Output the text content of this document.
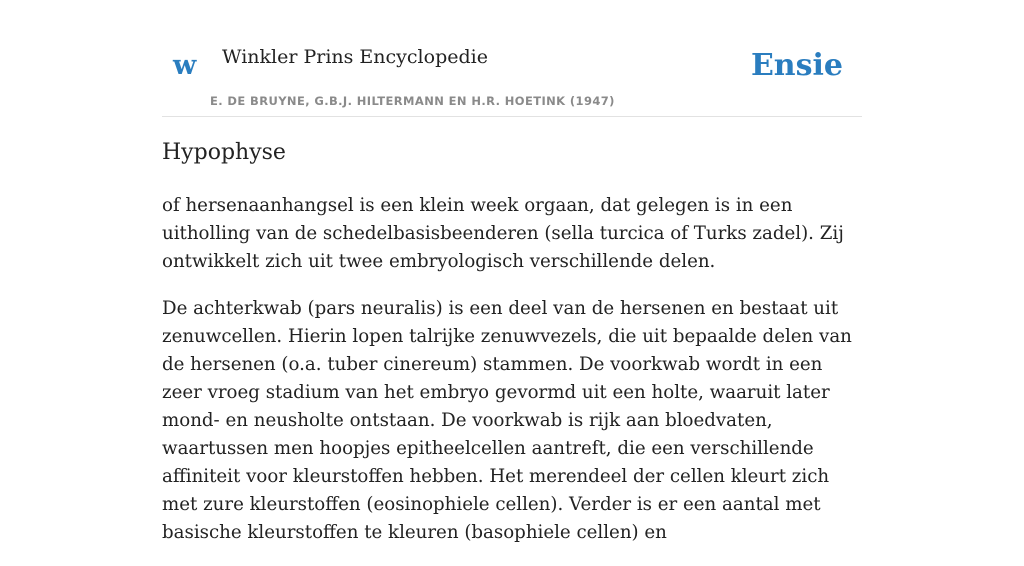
w Winkler Prins Encyclopedie
E. DE BRUYNE, G.B.J. HILTERMANN EN H.R. HOETINK (1947)
Ensie
Hypophyse

of hersenaanhangsel is een klein week orgaan, dat gelegen is in een uitholling van de schedelbasisbeenderen (sella turcica of Turks zadel). Zij ontwikkelt zich uit twee embryologisch verschillende delen.

De achterkwab (pars neuralis) is een deel van de hersenen en bestaat uit zenuwcellen. Hierin lopen talrijke zenuwvezels, die uit bepaalde delen van de hersenen (o.a. tuber cinereum) stammen. De voorkwab wordt in een zeer vroeg stadium van het embryo gevormd uit een holte, waaruit later mond- en neusholte ontstaan. De voorkwab is rijk aan bloedvaten, waartussen men hoopjes epitheelcellen aantreft, die een verschillende affiniteit voor kleurstoffen hebben. Het merendeel der cellen kleurt zich met zure kleurstoffen (eosinophiele cellen). Verder is er een aantal met basische kleurstoffen te kleuren (basophiele cellen) en
